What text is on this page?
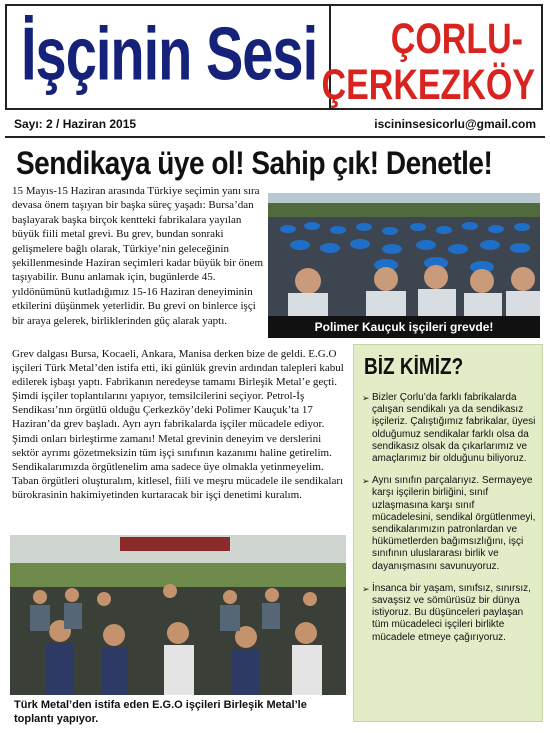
İşçinin Sesi ÇORLU-
ÇERKEZKÖY
Sayı: 2 / Haziran 2015	iscininsesicorlu@gmail.com
Sendikaya üye ol! Sahip çık! Denetle!

15 Mayıs-15 Haziran arasında Türkiye seçimin yanı sıra devasa önem taşıyan bir başka süreç yaşadı: Bursa’dan başlayarak başka birçok kentteki fabrikalara yayılan büyük fiili metal grevi. Bu grev, bundan sonraki gelişmelere bağlı olarak, Türkiye’nin geleceğinin şekillenmesinde Haziran seçimleri kadar büyük bir önem taşıyabilir. Bunu anlamak için, bugünlerde 45. yıldönümünü kutladığımız 15-16 Haziran deneyiminin etkilerini düşünmek yeterlidir. Bu grevi on binlerce işçi bir araya gelerek, birliklerinden güç alarak yaptı.	Polimer Kauçuk işçileri grevde!

Grev dalgası Bursa, Kocaeli, Ankara, Manisa derken bize de geldi. E.G.O işçileri Türk Metal’den istifa etti, iki günlük grevin ardından talepleri kabul edilerek işbaşı yaptı. Fabrikanın neredeyse tamamı Birleşik Metal’e geçti. Şimdi işçiler toplantılarını yapıyor, temsilcilerini seçiyor. Petrol-İş Sendikası’nın örgütlü olduğu Çerkezköy’deki Polimer Kauçuk’ta 17 Haziran’da grev başladı. Ayrı ayrı fabrikalarda işçiler mücadele ediyor. Şimdi onları birleştirme zamanı! Metal grevinin deneyim ve derslerini sektör ayrımı gözetmeksizin tüm işçi sınıfının kazanımı haline getirelim. Sendikalarımızda örgütlenelim ama sadece üye olmakla yetinmeyelim. Taban örgütleri oluşturalım, kitlesel, fiili ve meşru mücadele ile sendikaları bürokrasinin hakimiyetinden kurtaracak bir işçi denetimi kuralım.

BİZ KİMİZ?
➢ Bizler Çorlu’da farklı fabrikalarda çalışan sendikalı ya da sendikasız işçileriz. Çalıştığımız fabrikalar, üyesi olduğumuz sendikalar farklı olsa da sendikasız olsak da çıkarlarımız ve amaçlarımız bir olduğunu biliyoruz.
➢ Aynı sınıfın parçalarıyız. Sermayeye karşı işçilerin birliğini, sınıf uzlaşmasına karşı sınıf mücadelesini, sendikal örgütlenmeyi, sendikalarımızın patronlardan ve hükümetlerden bağımsızlığını, işçi sınıfının uluslararası birlik ve dayanışmasını savunuyoruz.
➢ İnsanca bir yaşam, sınıfsız, sınırsız, savaşsız ve sömürüsüz bir dünya istiyoruz. Bu düşünceleri paylaşan tüm mücadeleci işçileri birlikte mücadele etmeye çağırıyoruz.
Türk Metal’den istifa eden E.G.O işçileri Birleşik Metal’le toplantı yapıyor.
